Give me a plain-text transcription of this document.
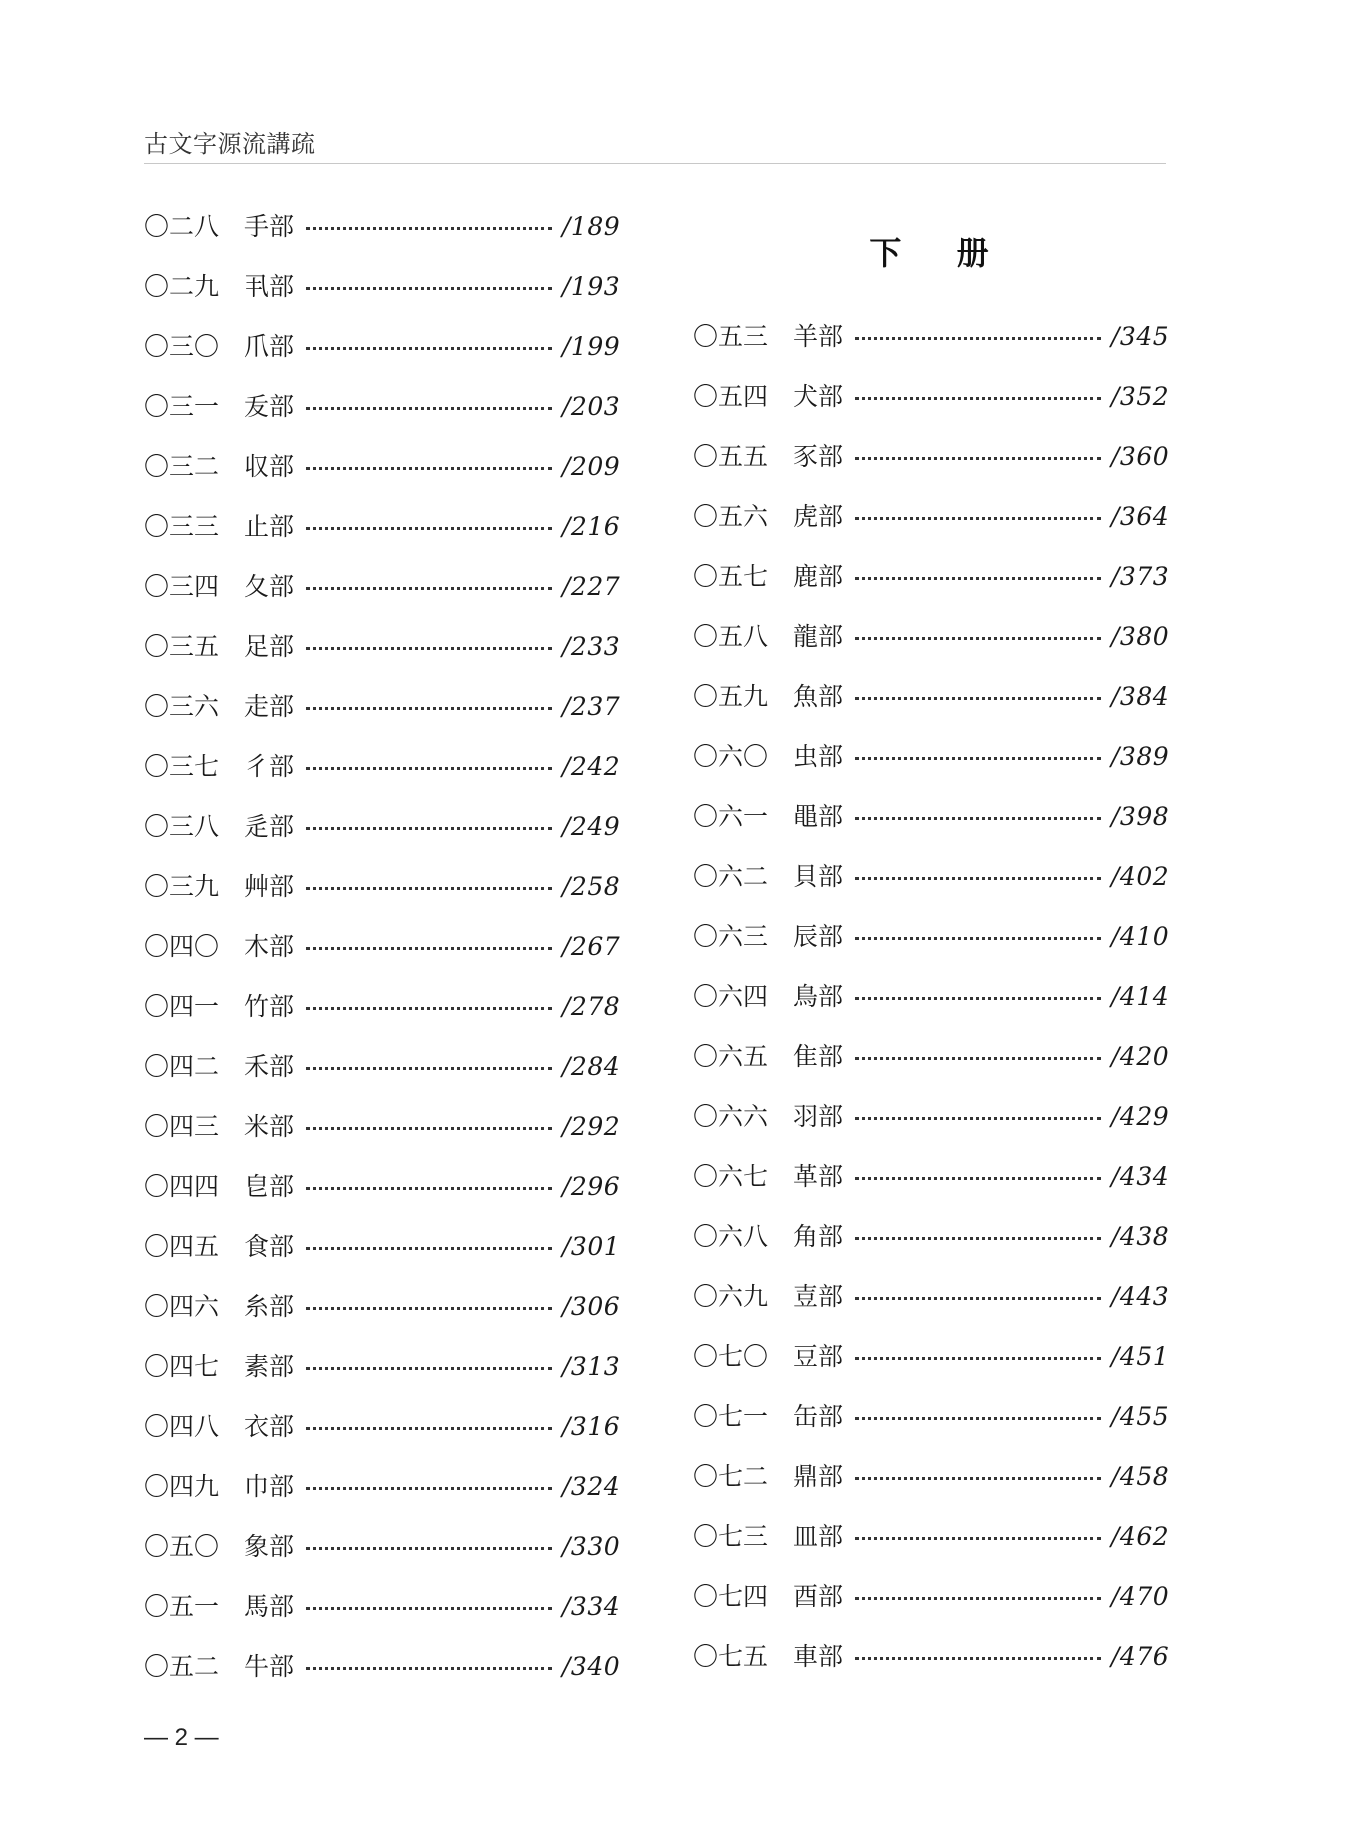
古文字源流講疏
〇二八 手部	/189
〇二九 丮部	/193
〇三〇 爪部	/199
〇三一 叐部	/203
〇三二 収部	/209
〇三三 止部	/216
〇三四 夂部	/227
〇三五 足部	/233
〇三六 走部	/237
〇三七 彳部	/242
〇三八 辵部	/249
〇三九 艸部	/258
〇四〇 木部	/267
〇四一 竹部	/278
〇四二 禾部	/284
〇四三 米部	/292
〇四四 皀部	/296
〇四五 食部	/301
〇四六 糸部	/306
〇四七 素部	/313
〇四八 衣部	/316
〇四九 巾部	/324
〇五〇 象部	/330
〇五一 馬部	/334
〇五二 牛部	/340
下 册
〇五三 羊部	/345
〇五四 犬部	/352
〇五五 豕部	/360
〇五六 虎部	/364
〇五七 鹿部	/373
〇五八 龍部	/380
〇五九 魚部	/384
〇六〇 虫部	/389
〇六一 黽部	/398
〇六二 貝部	/402
〇六三 辰部	/410
〇六四 鳥部	/414
〇六五 隹部	/420
〇六六 羽部	/429
〇六七 革部	/434
〇六八 角部	/438
〇六九 壴部	/443
〇七〇 豆部	/451
〇七一 缶部	/455
〇七二 鼎部	/458
〇七三 皿部	/462
〇七四 酉部	/470
〇七五 車部	/476
— 2 —
